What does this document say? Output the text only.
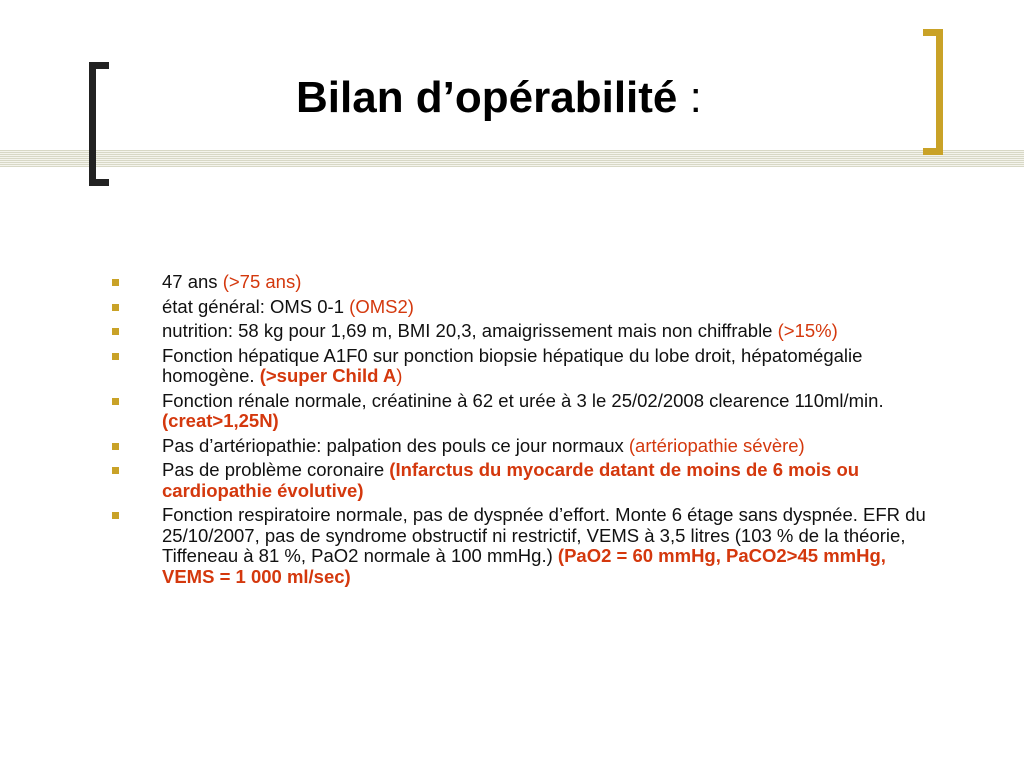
Bilan d’opérabilité :
47 ans (>75 ans)
état général: OMS 0-1 (OMS2)
nutrition: 58 kg pour 1,69 m, BMI 20,3, amaigrissement mais non chiffrable (>15%)
Fonction hépatique A1F0 sur ponction biopsie hépatique du lobe droit, hépatomégalie homogène. (>super Child A)
Fonction rénale normale, créatinine à 62 et urée à 3 le 25/02/2008 clearence 110ml/min. (creat>1,25N)
Pas d’artériopathie: palpation des pouls ce jour normaux (artériopathie sévère)
Pas de problème coronaire (Infarctus du myocarde datant de moins de 6 mois ou cardiopathie évolutive)
Fonction respiratoire normale, pas de dyspnée d’effort. Monte 6 étage sans dyspnée. EFR du 25/10/2007, pas de syndrome obstructif ni restrictif, VEMS à 3,5 litres (103 % de la théorie, Tiffeneau à 81 %, PaO2 normale à 100 mmHg.) (PaO2 = 60 mmHg, PaCO2>45 mmHg, VEMS = 1 000 ml/sec)
